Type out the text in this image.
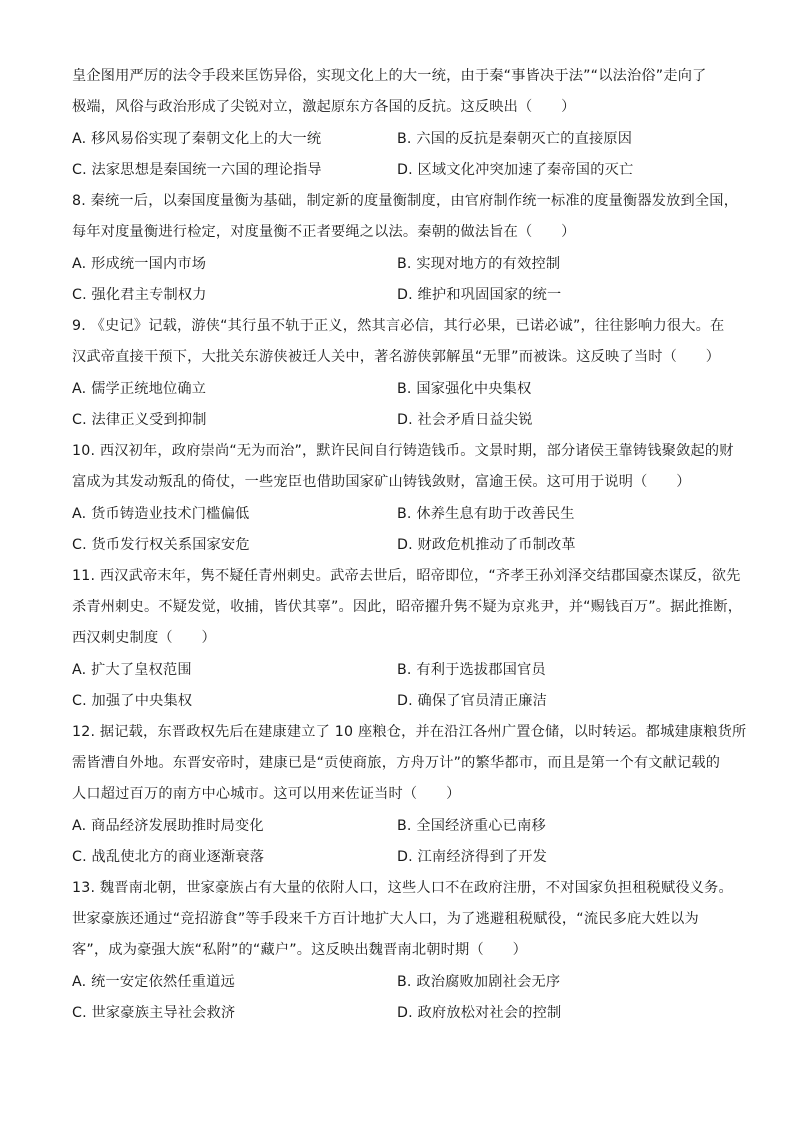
皇企图用严厉的法令手段来匡饬异俗，实现文化上的大一统，由于秦“事皆决于法”“以法治俗”走向了
极端，风俗与政治形成了尖锐对立，激起原东方各国的反抗。这反映出（　　）
A. 移风易俗实现了秦朝文化上的大一统	B. 六国的反抗是秦朝灭亡的直接原因
C. 法家思想是秦国统一六国的理论指导	D. 区域文化冲突加速了秦帝国的灭亡
8. 秦统一后，以秦国度量衡为基础，制定新的度量衡制度，由官府制作统一标准的度量衡器发放到全国，
每年对度量衡进行检定，对度量衡不正者要绳之以法。秦朝的做法旨在（　　）
A. 形成统一国内市场	B. 实现对地方的有效控制
C. 强化君主专制权力	D. 维护和巩固国家的统一
9. 《史记》记载，游侠“其行虽不轨于正义，然其言必信，其行必果，已诺必诚”，往往影响力很大。在
汉武帝直接干预下，大批关东游侠被迁人关中，著名游侠郭解虽“无罪”而被诛。这反映了当时（　　）
A. 儒学正统地位确立	B. 国家强化中央集权
C. 法律正义受到抑制	D. 社会矛盾日益尖锐
10. 西汉初年，政府崇尚“无为而治”，默许民间自行铸造钱币。文景时期，部分诸侯王靠铸钱聚敛起的财
富成为其发动叛乱的倚仗，一些宠臣也借助国家矿山铸钱敛财，富逾王侯。这可用于说明（　　）
A. 货币铸造业技术门槛偏低	B. 休养生息有助于改善民生
C. 货币发行权关系国家安危	D. 财政危机推动了币制改革
11. 西汉武帝末年，隽不疑任青州刺史。武帝去世后，昭帝即位，“齐孝王孙刘泽交结郡国豪杰谋反，欲先
杀青州刺史。不疑发觉，收捕，皆伏其辜”。因此，昭帝擢升隽不疑为京兆尹，并“赐钱百万”。据此推断，
西汉刺史制度（　　）
A. 扩大了皇权范围	B. 有利于选拔郡国官员
C. 加强了中央集权	D. 确保了官员清正廉洁
12. 据记载，东晋政权先后在建康建立了 10 座粮仓，并在沿江各州广置仓储，以时转运。都城建康粮货所
需皆漕自外地。东晋安帝时，建康已是“贡使商旅，方舟万计”的繁华都市，而且是第一个有文献记载的
人口超过百万的南方中心城市。这可以用来佐证当时（　　）
A. 商品经济发展助推时局变化	B. 全国经济重心已南移
C. 战乱使北方的商业逐渐衰落	D. 江南经济得到了开发
13. 魏晋南北朝，世家豪族占有大量的依附人口，这些人口不在政府注册，不对国家负担租税赋役义务。
世家豪族还通过“竞招游食”等手段来千方百计地扩大人口，为了逃避租税赋役，“流民多庇大姓以为
客”，成为豪强大族“私附”的“藏户”。这反映出魏晋南北朝时期（　　）
A. 统一安定依然任重道远	B. 政治腐败加剧社会无序
C. 世家豪族主导社会救济	D. 政府放松对社会的控制
